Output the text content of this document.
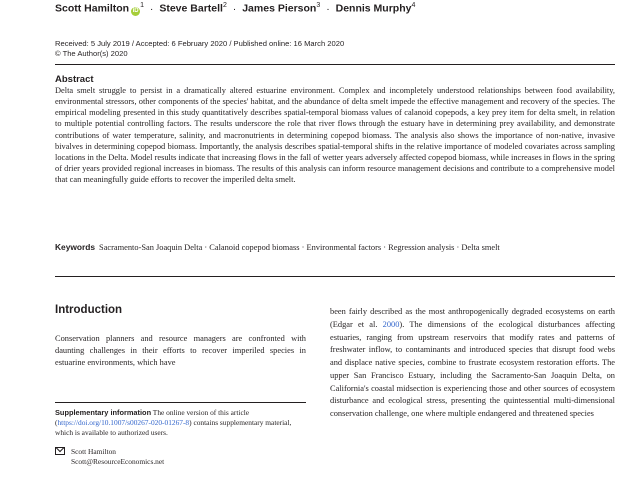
Scott Hamilton $iD^1$ · Steve Bartell$^2$ · James Pierson$^3$ · Dennis Murphy$^4$
Received: 5 July 2019 / Accepted: 6 February 2020 / Published online: 16 March 2020
© The Author(s) 2020
Abstract
Delta smelt struggle to persist in a dramatically altered estuarine environment. Complex and incompletely understood relationships between food availability, environmental stressors, other components of the species' habitat, and the abundance of delta smelt impede the effective management and recovery of the species. The empirical modeling presented in this study quantitatively describes spatial-temporal biomass values of calanoid copepods, a key prey item for delta smelt, in relation to multiple potential controlling factors. The results underscore the role that river flows through the estuary have in determining prey availability, and demonstrate contributions of water temperature, salinity, and macronutrients in determining copepod biomass. The analysis also shows the importance of non-native, invasive bivalves in determining copepod biomass. Importantly, the analysis describes spatial-temporal shifts in the relative importance of modeled covariates across sampling locations in the Delta. Model results indicate that increasing flows in the fall of wetter years adversely affected copepod biomass, while increases in flows in the spring of drier years provided regional increases in biomass. The results of this analysis can inform resource management decisions and contribute to a comprehensive model that can meaningfully guide efforts to recover the imperiled delta smelt.
Keywords Sacramento-San Joaquin Delta · Calanoid copepod biomass · Environmental factors · Regression analysis · Delta smelt
Introduction
Conservation planners and resource managers are confronted with daunting challenges in their efforts to recover imperiled species in estuarine environments, which have
been fairly described as the most anthropogenically degraded ecosystems on earth (Edgar et al. 2000). The dimensions of the ecological disturbances affecting estuaries, ranging from upstream reservoirs that modify rates and patterns of freshwater inflow, to contaminants and introduced species that disrupt food webs and displace native species, combine to frustrate ecosystem restoration efforts. The upper San Francisco Estuary, including the Sacramento-San Joaquin Delta, on California's coastal midsection is experiencing those and other sources of ecosystem disturbance and ecological stress, presenting the quintessential multi-dimensional conservation challenge, one where multiple endangered and threatened species
Supplementary information The online version of this article (https://doi.org/10.1007/s00267-020-01267-8) contains supplementary material, which is available to authorized users.
Scott Hamilton
Scott@ResourceEconomics.net
